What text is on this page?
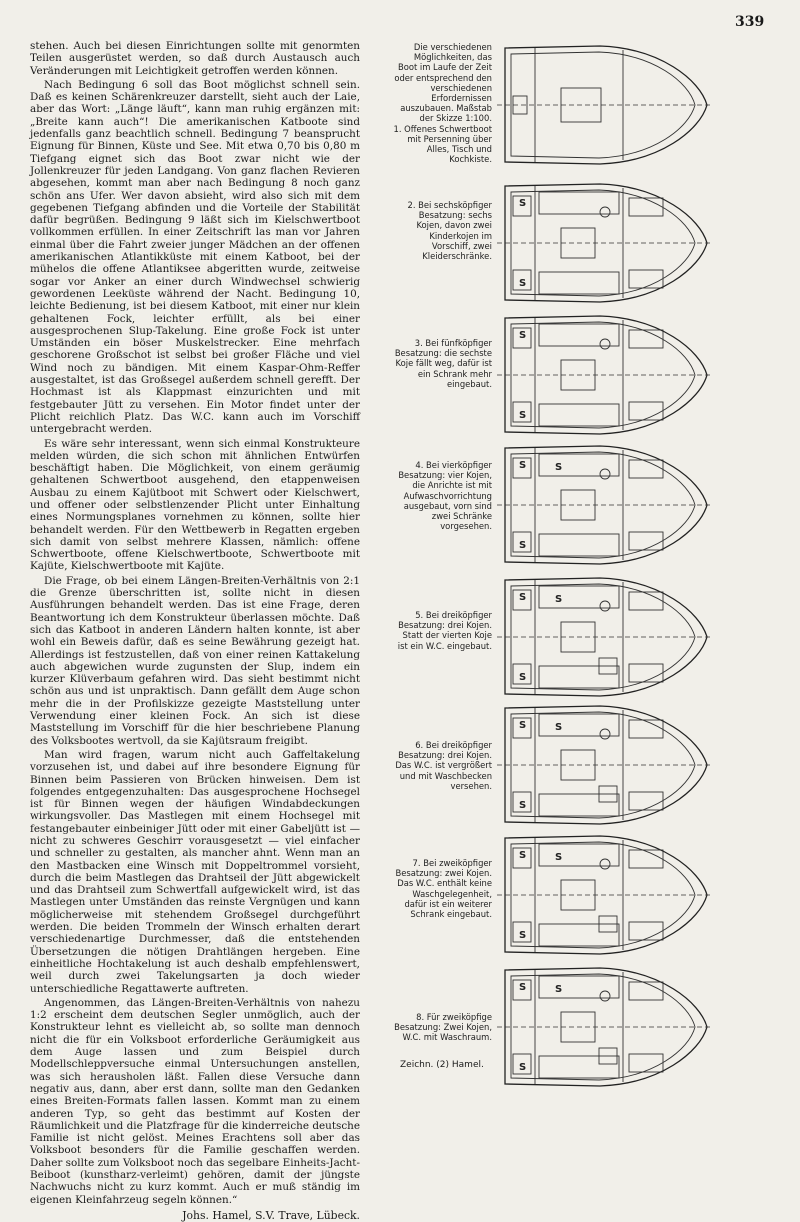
339

stehen. Auch bei diesen Einrichtungen sollte mit genormten Teilen ausgerüstet werden, so daß durch Austausch auch Veränderungen mit Leichtigkeit getroffen werden können.

Nach Bedingung 6 soll das Boot möglichst schnell sein. Daß es keinen Schärenkreuzer darstellt, sieht auch der Laie, aber das Wort: „Länge läuft“, kann man ruhig ergänzen mit: „Breite kann auch“! Die amerikanischen Katboote sind jedenfalls ganz beachtlich schnell. Bedingung 7 beansprucht Eignung für Binnen, Küste und See. Mit etwa 0,70 bis 0,80 m Tiefgang eignet sich das Boot zwar nicht wie der Jollenkreuzer für jeden Landgang. Von ganz flachen Revieren abgesehen, kommt man aber nach Bedingung 8 noch ganz schön ans Ufer. Wer davon absieht, wird also sich mit dem gegebenen Tiefgang abfinden und die Vorteile der Stabilität dafür begrüßen. Bedingung 9 läßt sich im Kielschwertboot vollkommen erfüllen. In einer Zeitschrift las man vor Jahren einmal über die Fahrt zweier junger Mädchen an der offenen amerikanischen Atlantikküste mit einem Katboot, bei der mühelos die offene Atlantiksee abgeritten wurde, zeitweise sogar vor Anker an einer durch Windwechsel schwierig gewordenen Leeküste während der Nacht. Bedingung 10, leichte Bedienung, ist bei diesem Katboot, mit einer nur klein gehaltenen Fock, leichter erfüllt, als bei einer ausgesprochenen Slup-Takelung. Eine große Fock ist unter Umständen ein böser Muskelstrecker. Eine mehrfach geschorene Großschot ist selbst bei großer Fläche und viel Wind noch zu bändigen. Mit einem Kaspar-Ohm-Reffer ausgestaltet, ist das Großsegel außerdem schnell gerefft. Der Hochmast ist als Klappmast einzurichten und mit festgebauter Jütt zu versehen. Ein Motor findet unter der Plicht reichlich Platz. Das W.C. kann auch im Vorschiff untergebracht werden.

Es wäre sehr interessant, wenn sich einmal Konstrukteure melden würden, die sich schon mit ähnlichen Entwürfen beschäftigt haben. Die Möglichkeit, von einem geräumig gehaltenen Schwertboot ausgehend, den etappenweisen Ausbau zu einem Kajütboot mit Schwert oder Kielschwert, und offener oder selbstlenzender Plicht unter Einhaltung eines Normungsplanes vornehmen zu können, sollte hier behandelt werden. Für den Wettbewerb in Regatten ergeben sich damit von selbst mehrere Klassen, nämlich: offene Schwertboote, offene Kielschwertboote, Schwertboote mit Kajüte, Kielschwertboote mit Kajüte.

Die Frage, ob bei einem Längen-Breiten-Verhältnis von 2:1 die Grenze überschritten ist, sollte nicht in diesen Ausführungen behandelt werden. Das ist eine Frage, deren Beantwortung ich dem Konstrukteur überlassen möchte. Daß sich das Katboot in anderen Ländern halten konnte, ist aber wohl ein Beweis dafür, daß es seine Bewährung gezeigt hat. Allerdings ist festzustellen, daß von einer reinen Kattakelung auch abgewichen wurde zugunsten der Slup, indem ein kurzer Klüverbaum gefahren wird. Das sieht bestimmt nicht schön aus und ist unpraktisch. Dann gefällt dem Auge schon mehr die in der Profilskizze gezeigte Maststellung unter Verwendung einer kleinen Fock. An sich ist diese Maststellung im Vorschiff für die hier beschriebene Planung des Volksbootes wertvoll, da sie Kajütsraum freigibt.

Man wird fragen, warum nicht auch Gaffeltakelung vorzusehen ist, und dabei auf ihre besondere Eignung für Binnen beim Passieren von Brücken hinweisen. Dem ist folgendes entgegenzuhalten: Das ausgesprochene Hochsegel ist für Binnen wegen der häufigen Windabdeckungen wirkungsvoller. Das Mastlegen mit einem Hochsegel mit festangebauter einbeiniger Jütt oder mit einer Gabeljütt ist — nicht zu schweres Geschirr vorausgesetzt — viel einfacher und schneller zu gestalten, als mancher ahnt. Wenn man an den Mastbacken eine Winsch mit Doppeltrommel vorsieht, durch die beim Mastlegen das Drahtseil der Jütt abgewickelt und das Drahtseil zum Schwertfall aufgewickelt wird, ist das Mastlegen unter Umständen das reinste Vergnügen und kann möglicherweise mit stehendem Großsegel durchgeführt werden. Die beiden Trommeln der Winsch erhalten derart verschiedenartige Durchmesser, daß die entstehenden Übersetzungen die nötigen Drahtlängen hergeben. Eine einheitliche Hochtakelung ist auch deshalb empfehlenswert, weil durch zwei Takelungsarten ja doch wieder unterschiedliche Regattawerte auftreten.

Angenommen, das Längen-Breiten-Verhältnis von nahezu 1:2 erscheint dem deutschen Segler unmöglich, auch der Konstrukteur lehnt es vielleicht ab, so sollte man dennoch nicht die für ein Volksboot erforderliche Geräumigkeit aus dem Auge lassen und zum Beispiel durch Modellschleppversuche einmal Untersuchungen anstellen, was sich herausholen läßt. Fallen diese Versuche dann negativ aus, dann, aber erst dann, sollte man den Gedanken eines Breiten-Formats fallen lassen. Kommt man zu einem anderen Typ, so geht das bestimmt auf Kosten der Räumlichkeit und die Platzfrage für die kinderreiche deutsche Familie ist nicht gelöst. Meines Erachtens soll aber das Volksboot besonders für die Familie geschaffen werden. Daher sollte zum Volksboot noch das segelbare Einheits-Jacht-Beiboot (kunstharz-verleimt) gehören, damit der jüngste Nachwuchs nicht zu kurz kommt. Auch er muß ständig im eigenen Kleinfahrzeug segeln können.“

Johs. Hamel, S.V. Trave, Lübeck.
Die verschiedenen Möglichkeiten, das Boot im Laufe der Zeit oder entsprechend den verschiedenen Erfordernissen auszubauen. Maßstab der Skizze 1:100.
1. Offenes Schwertboot mit Persenning über Alles, Tisch und Kochkiste.
2. Bei sechsköpfiger Besatzung: sechs Kojen, davon zwei Kinderkojen im Vorschiff, zwei Kleiderschränke.
3. Bei fünfköpfiger Besatzung: die sechste Koje fällt weg, dafür ist ein Schrank mehr eingebaut.
4. Bei vierköpfiger Besatzung: vier Kojen, die Anrichte ist mit Aufwaschvorrichtung ausgebaut, vorn sind zwei Schränke vorgesehen.
5. Bei dreiköpfiger Besatzung: drei Kojen. Statt der vierten Koje ist ein W.C. eingebaut.
6. Bei dreiköpfiger Besatzung: drei Kojen. Das W.C. ist vergrößert und mit Waschbecken versehen.
7. Bei zweiköpfiger Besatzung: zwei Kojen. Das W.C. enthält keine Waschgelegenheit, dafür ist ein weiterer Schrank eingebaut.
8. Für zweiköpfige Besatzung: Zwei Kojen, W.C. mit Waschraum.
S
S
S
S
S
S
S
S
S
S
S
S
S
S
S
S
S
S
S
Zeichn. (2) Hamel.
